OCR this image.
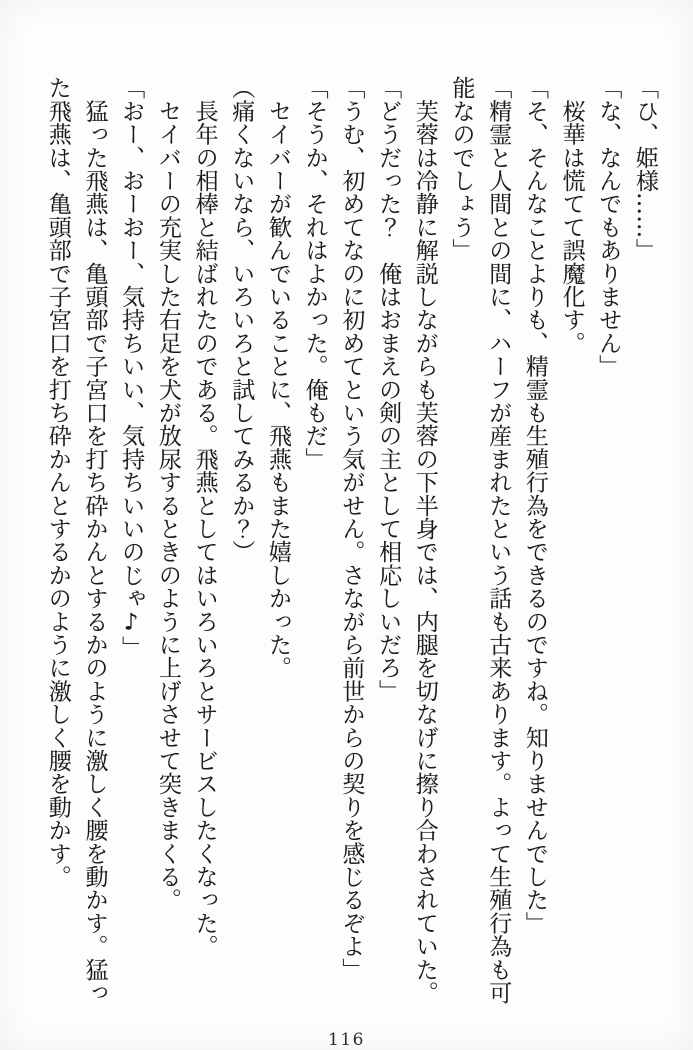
「ひ、姫様……」
「な、なんでもありません」
　桜華は慌てて誤魔化す。
「そ、そんなことよりも、精霊も生殖行為をできるのですね。知りませんでした」
「精霊と人間との間に、ハーフが産まれたという話も古来あります。よって生殖行為も可
能なのでしょう」
　芙蓉は冷静に解説しながらも芙蓉の下半身では、内腿を切なげに擦り合わされていた。
「どうだった？　俺はおまえの剣の主として相応しいだろ」
「うむ、初めてなのに初めてという気がせん。さながら前世からの契りを感じるぞよ」
「そうか、それはよかった。俺もだ」
　セイバーが歓んでいることに、飛燕もまた嬉しかった。
（痛くないなら、いろいろと試してみるか？）
　長年の相棒と結ばれたのである。飛燕としてはいろいろとサービスしたくなった。
　セイバーの充実した右足を犬が放尿するときのように上げさせて突きまくる。
「おー、おーおー、気持ちいい、気持ちいいのじゃ♪」
　猛った飛燕は、亀頭部で子宮口を打ち砕かんとするかのように激しく腰を動かす。猛っ
た飛燕は、亀頭部で子宮口を打ち砕かんとするかのように激しく腰を動かす。
116
